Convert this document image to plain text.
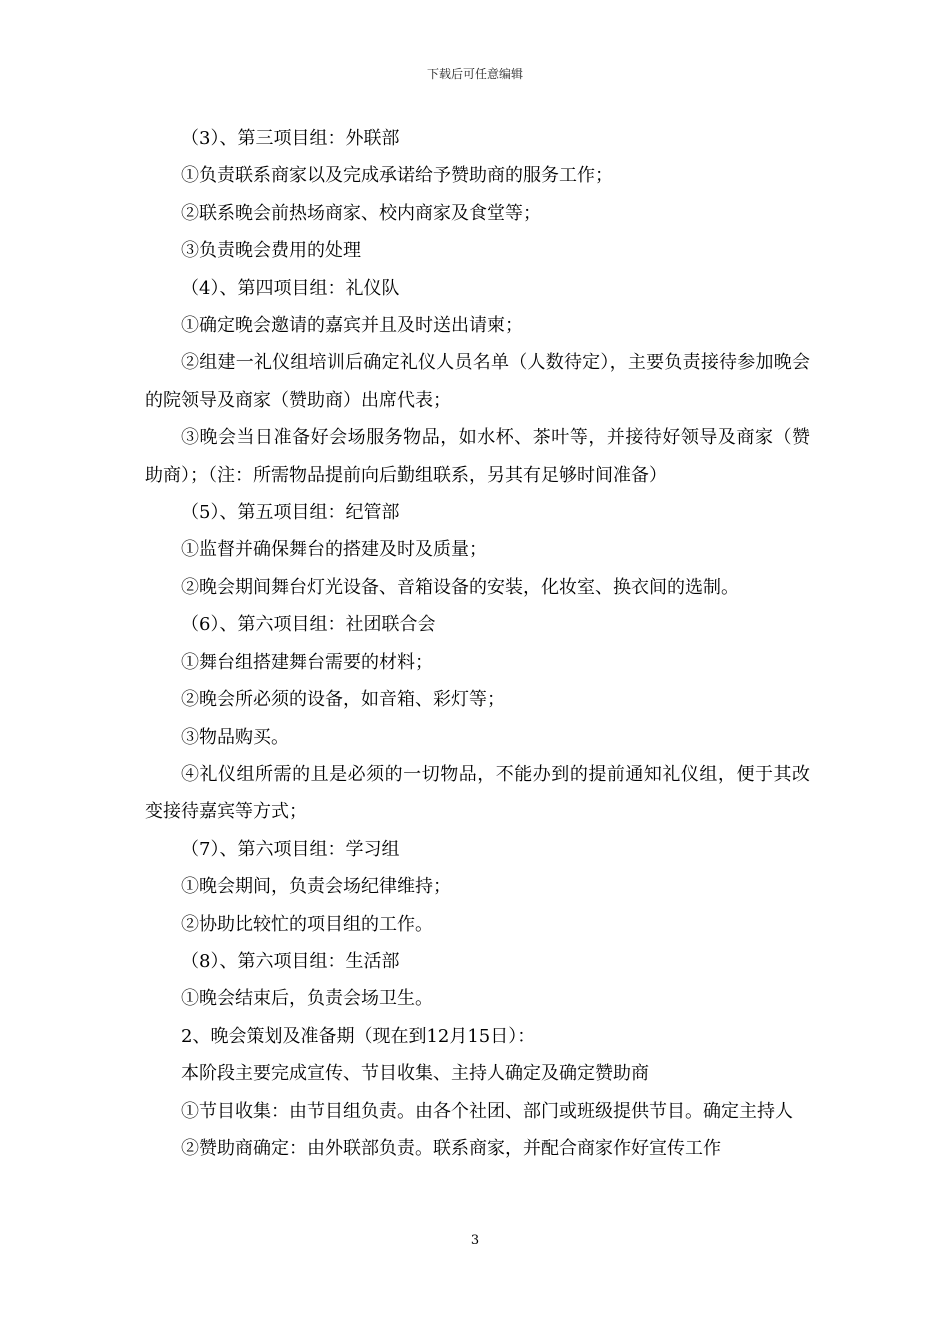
下载后可任意编辑

（3）、第三项目组：外联部

①负责联系商家以及完成承诺给予赞助商的服务工作；

②联系晚会前热场商家、校内商家及食堂等；

③负责晚会费用的处理

（4）、第四项目组：礼仪队

①确定晚会邀请的嘉宾并且及时送出请柬；

②组建一礼仪组培训后确定礼仪人员名单（人数待定），主要负责接待参加晚会的院领导及商家（赞助商）出席代表；

③晚会当日准备好会场服务物品，如水杯、茶叶等，并接待好领导及商家（赞助商）；（注：所需物品提前向后勤组联系，另其有足够时间准备）

（5）、第五项目组：纪管部

①监督并确保舞台的搭建及时及质量；

②晚会期间舞台灯光设备、音箱设备的安装，化妆室、换衣间的选制。

（6）、第六项目组：社团联合会

①舞台组搭建舞台需要的材料；

②晚会所必须的设备，如音箱、彩灯等；

③物品购买。

④礼仪组所需的且是必须的一切物品，不能办到的提前通知礼仪组，便于其改变接待嘉宾等方式；

（7）、第六项目组：学习组

①晚会期间，负责会场纪律维持；

②协助比较忙的项目组的工作。

（8）、第六项目组：生活部

①晚会结束后，负责会场卫生。

2、晚会策划及准备期（现在到12月15日）：

本阶段主要完成宣传、节目收集、主持人确定及确定赞助商

①节目收集：由节目组负责。由各个社团、部门或班级提供节目。确定主持人

②赞助商确定：由外联部负责。联系商家，并配合商家作好宣传工作

3
